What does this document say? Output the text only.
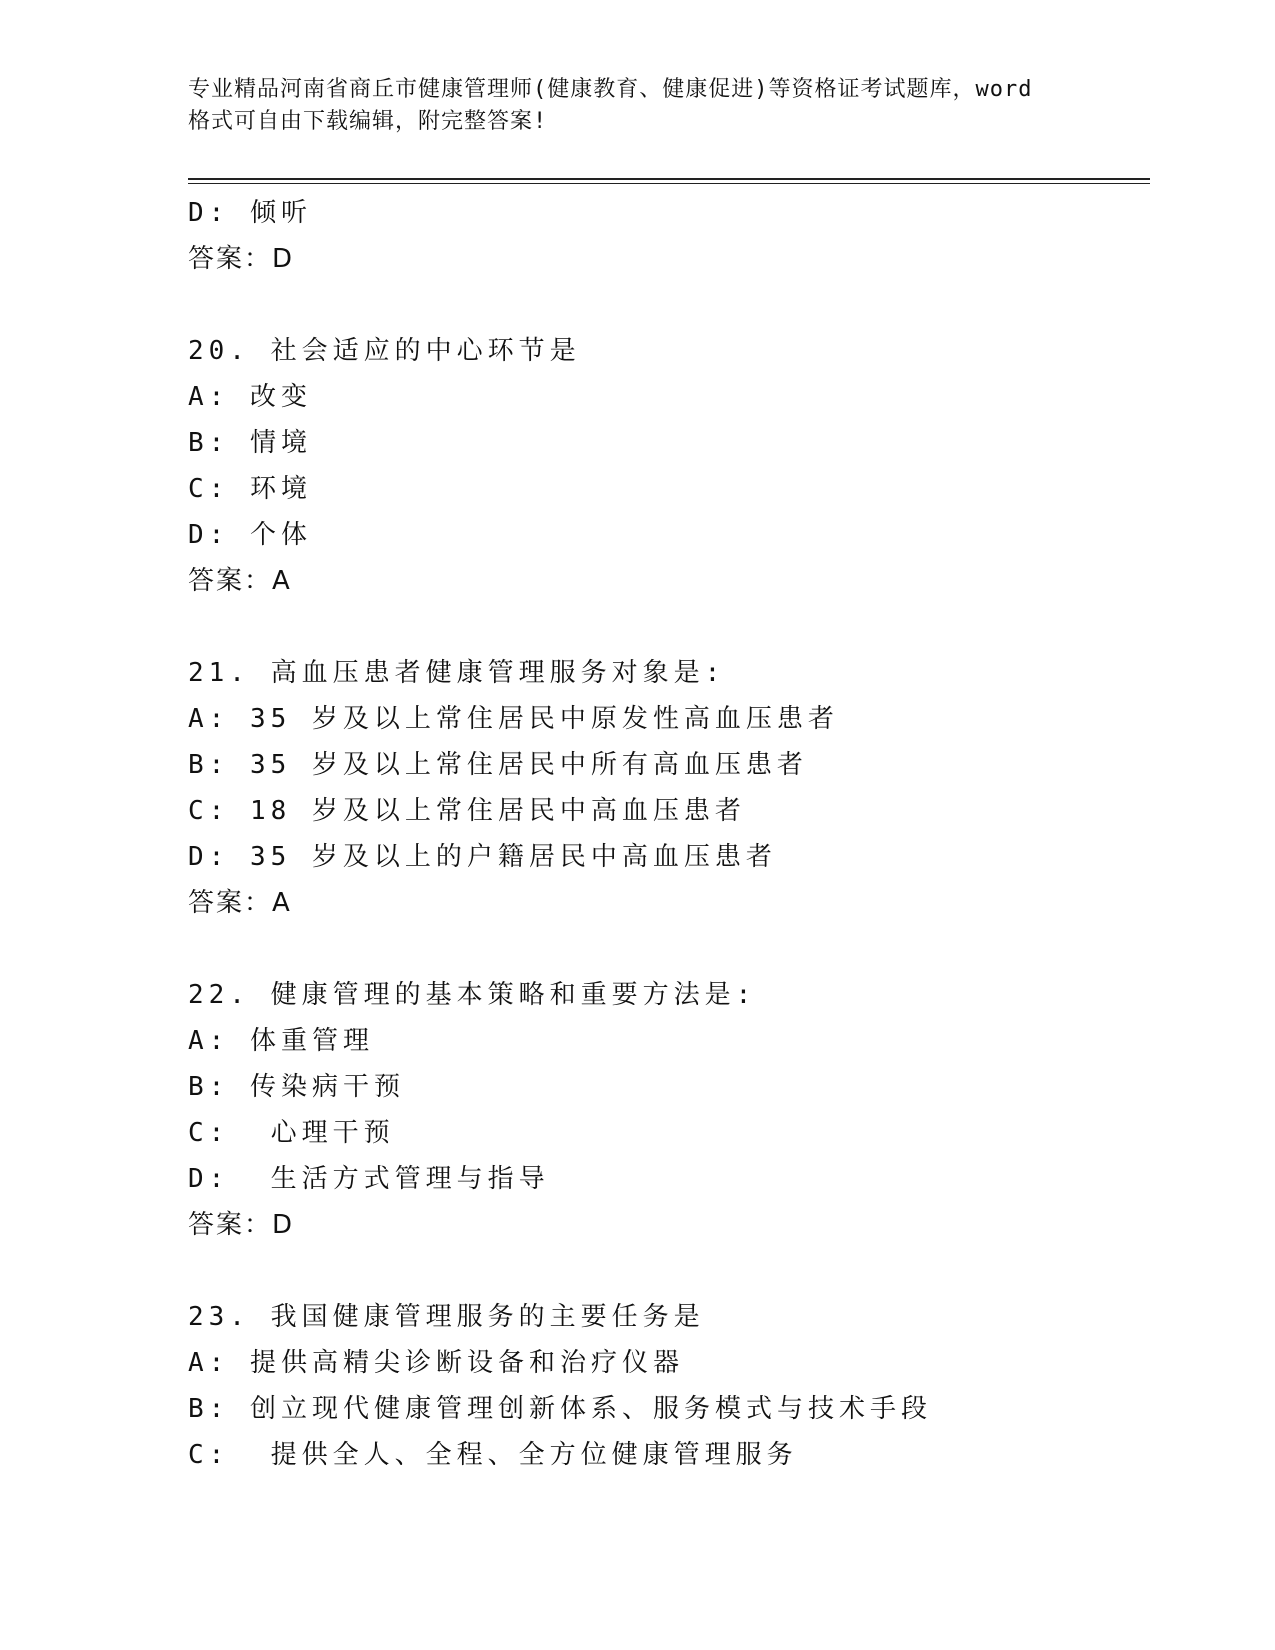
专业精品河南省商丘市健康管理师(健康教育、健康促进)等资格证考试题库，word
格式可自由下载编辑，附完整答案!
D: 倾听
答案：D
20. 社会适应的中心环节是
A: 改变
B: 情境
C: 环境
D: 个体
答案：A
21. 高血压患者健康管理服务对象是:
A: 35 岁及以上常住居民中原发性高血压患者
B: 35 岁及以上常住居民中所有高血压患者
C: 18 岁及以上常住居民中高血压患者
D: 35 岁及以上的户籍居民中高血压患者
答案：A
22. 健康管理的基本策略和重要方法是:
A: 体重管理
B: 传染病干预
C:  心理干预
D:  生活方式管理与指导
答案：D
23. 我国健康管理服务的主要任务是
A: 提供高精尖诊断设备和治疗仪器
B: 创立现代健康管理创新体系、服务模式与技术手段
C:  提供全人、全程、全方位健康管理服务
